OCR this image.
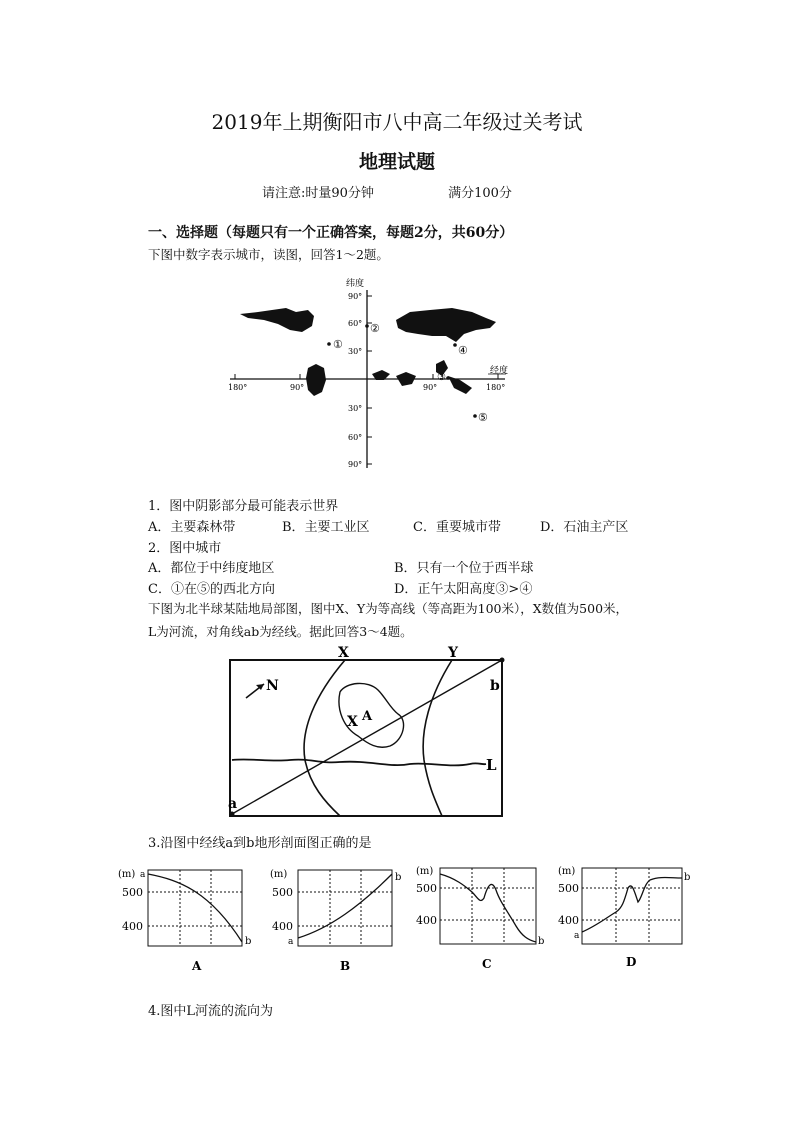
2019年上期衡阳市八中高二年级过关考试
地理试题
请注意:时量90分钟	满分100分
一、选择题（每题只有一个正确答案，每题2分，共60分）
下图中数字表示城市，读图，回答1～2题。
纬度
90°
60°
30°
30°
60°
90°
180°	90°	90°	180°
经度
①
②
③
④
⑤
1．图中阴影部分最可能表示世界
A．主要森林带	B．主要工业区	C．重要城市带	D．石油主产区
2．图中城市
A．都位于中纬度地区	B．只有一个位于西半球
C．①在⑤的西北方向	D．正午太阳高度③>④
下图为北半球某陆地局部图，图中X、Y为等高线（等高距为100米），X数值为500米，
L为河流，对角线ab为经线。据此回答3～4题。
N
X	Y
X A
L
a
b
3.沿图中经线a到b地形剖面图正确的是
(m) a
500
400
b
A
(m)
500
400
a
b
B
(m)
500
400
b
C
(m)
500
400
a
b
D
4.图中L河流的流向为
